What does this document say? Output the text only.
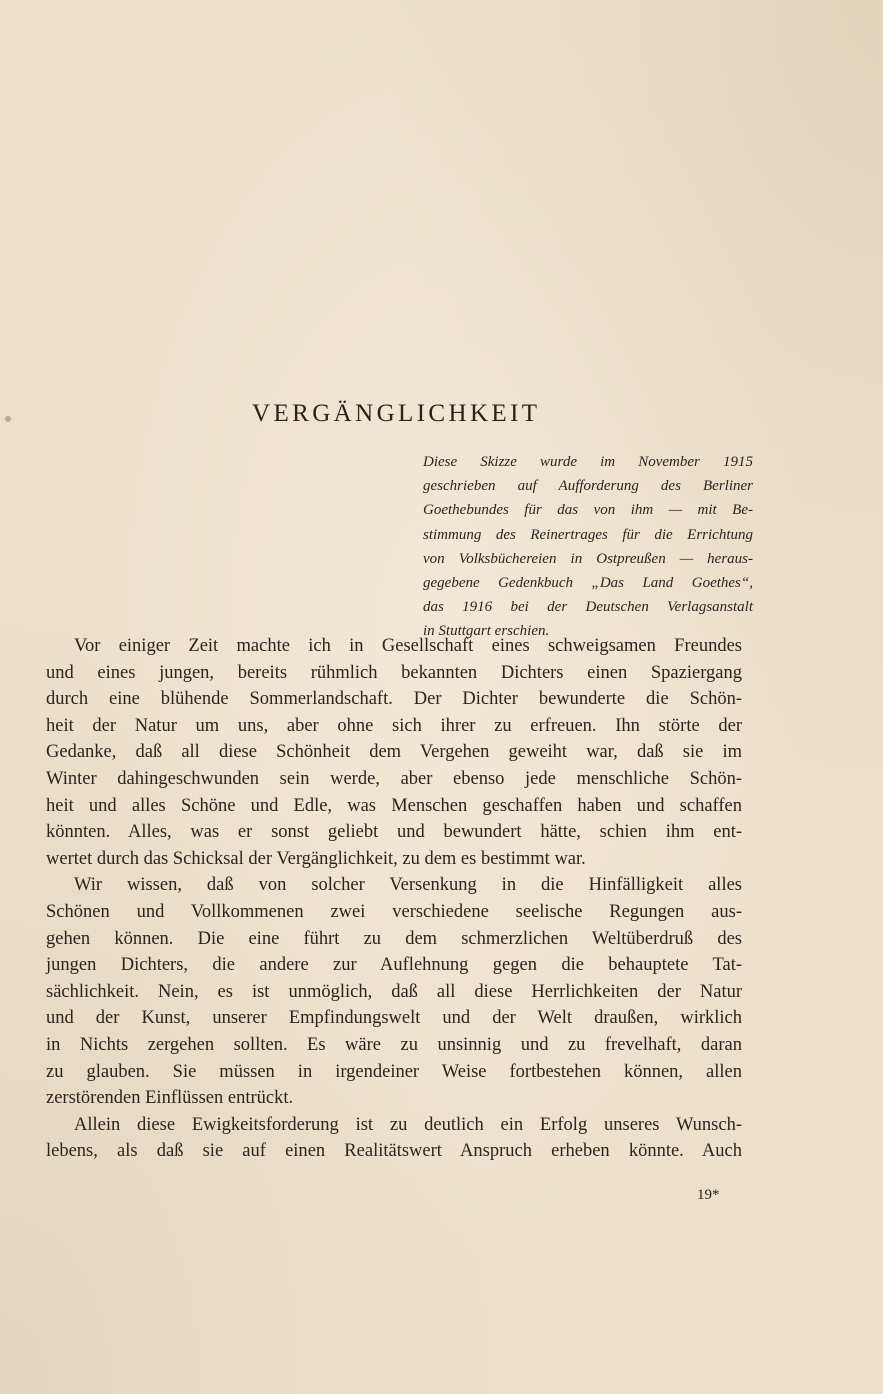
VERGÄNGLICHKEIT
Diese Skizze wurde im November 1915
geschrieben auf Aufforderung des Berliner
Goethebundes für das von ihm — mit Be-
stimmung des Reinertrages für die Errichtung
von Volksbüchereien in Ostpreußen — heraus-
gegebene Gedenkbuch „Das Land Goethes“,
das 1916 bei der Deutschen Verlagsanstalt
in Stuttgart erschien.
Vor einiger Zeit machte ich in Gesellschaft eines schweigsamen Freundes
und eines jungen, bereits rühmlich bekannten Dichters einen Spaziergang
durch eine blühende Sommerlandschaft. Der Dichter bewunderte die Schön-
heit der Natur um uns, aber ohne sich ihrer zu erfreuen. Ihn störte der
Gedanke, daß all diese Schönheit dem Vergehen geweiht war, daß sie im
Winter dahingeschwunden sein werde, aber ebenso jede menschliche Schön-
heit und alles Schöne und Edle, was Menschen geschaffen haben und schaffen
könnten. Alles, was er sonst geliebt und bewundert hätte, schien ihm ent-
wertet durch das Schicksal der Vergänglichkeit, zu dem es bestimmt war.
Wir wissen, daß von solcher Versenkung in die Hinfälligkeit alles
Schönen und Vollkommenen zwei verschiedene seelische Regungen aus-
gehen können. Die eine führt zu dem schmerzlichen Weltüberdruß des
jungen Dichters, die andere zur Auflehnung gegen die behauptete Tat-
sächlichkeit. Nein, es ist unmöglich, daß all diese Herrlichkeiten der Natur
und der Kunst, unserer Empfindungswelt und der Welt draußen, wirklich
in Nichts zergehen sollten. Es wäre zu unsinnig und zu frevelhaft, daran
zu glauben. Sie müssen in irgendeiner Weise fortbestehen können, allen
zerstörenden Einflüssen entrückt.
Allein diese Ewigkeitsforderung ist zu deutlich ein Erfolg unseres Wunsch-
lebens, als daß sie auf einen Realitätswert Anspruch erheben könnte. Auch
19*
